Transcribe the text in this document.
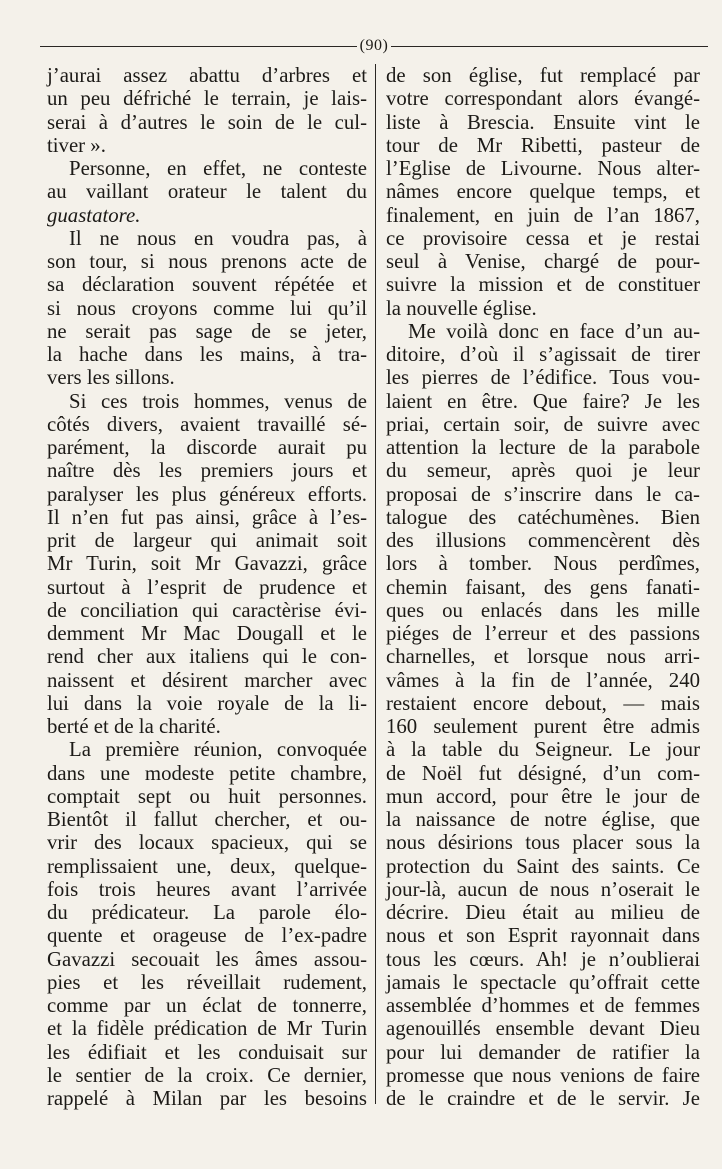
(90)
j’aurai assez abattu d’arbres et
un peu défriché le terrain, je lais-
serai à d’autres le soin de le cul-
tiver ».
Personne, en effet, ne conteste
au vaillant orateur le talent du
guastatore.
Il ne nous en voudra pas, à
son tour, si nous prenons acte de
sa déclaration souvent répétée et
si nous croyons comme lui qu’il
ne serait pas sage de se jeter,
la hache dans les mains, à tra-
vers les sillons.
Si ces trois hommes, venus de
côtés divers, avaient travaillé sé-
parément, la discorde aurait pu
naître dès les premiers jours et
paralyser les plus généreux efforts.
Il n’en fut pas ainsi, grâce à l’es-
prit de largeur qui animait soit
Mr Turin, soit Mr Gavazzi, grâce
surtout à l’esprit de prudence et
de conciliation qui caractèrise évi-
demment Mr Mac Dougall et le
rend cher aux italiens qui le con-
naissent et désirent marcher avec
lui dans la voie royale de la li-
berté et de la charité.
La première réunion, convoquée
dans une modeste petite chambre,
comptait sept ou huit personnes.
Bientôt il fallut chercher, et ou-
vrir des locaux spacieux, qui se
remplissaient une, deux, quelque-
fois trois heures avant l’arrivée
du prédicateur. La parole élo-
quente et orageuse de l’ex-padre
Gavazzi secouait les âmes assou-
pies et les réveillait rudement,
comme par un éclat de tonnerre,
et la fidèle prédication de Mr Turin
les édifiait et les conduisait sur
le sentier de la croix. Ce dernier,
rappelé à Milan par les besoins
de son église, fut remplacé par
votre correspondant alors évangé-
liste à Brescia. Ensuite vint le
tour de Mr Ribetti, pasteur de
l’Eglise de Livourne. Nous alter-
nâmes encore quelque temps, et
finalement, en juin de l’an 1867,
ce provisoire cessa et je restai
seul à Venise, chargé de pour-
suivre la mission et de constituer
la nouvelle église.
Me voilà donc en face d’un au-
ditoire, d’où il s’agissait de tirer
les pierres de l’édifice. Tous vou-
laient en être. Que faire? Je les
priai, certain soir, de suivre avec
attention la lecture de la parabole
du semeur, après quoi je leur
proposai de s’inscrire dans le ca-
talogue des catéchumènes. Bien
des illusions commencèrent dès
lors à tomber. Nous perdîmes,
chemin faisant, des gens fanati-
ques ou enlacés dans les mille
piéges de l’erreur et des passions
charnelles, et lorsque nous arri-
vâmes à la fin de l’année, 240
restaient encore debout, — mais
160 seulement purent être admis
à la table du Seigneur. Le jour
de Noël fut désigné, d’un com-
mun accord, pour être le jour de
la naissance de notre église, que
nous désirions tous placer sous la
protection du Saint des saints. Ce
jour-là, aucun de nous n’oserait le
décrire. Dieu était au milieu de
nous et son Esprit rayonnait dans
tous les cœurs. Ah! je n’oublierai
jamais le spectacle qu’offrait cette
assemblée d’hommes et de femmes
agenouillés ensemble devant Dieu
pour lui demander de ratifier la
promesse que nous venions de faire
de le craindre et de le servir. Je
